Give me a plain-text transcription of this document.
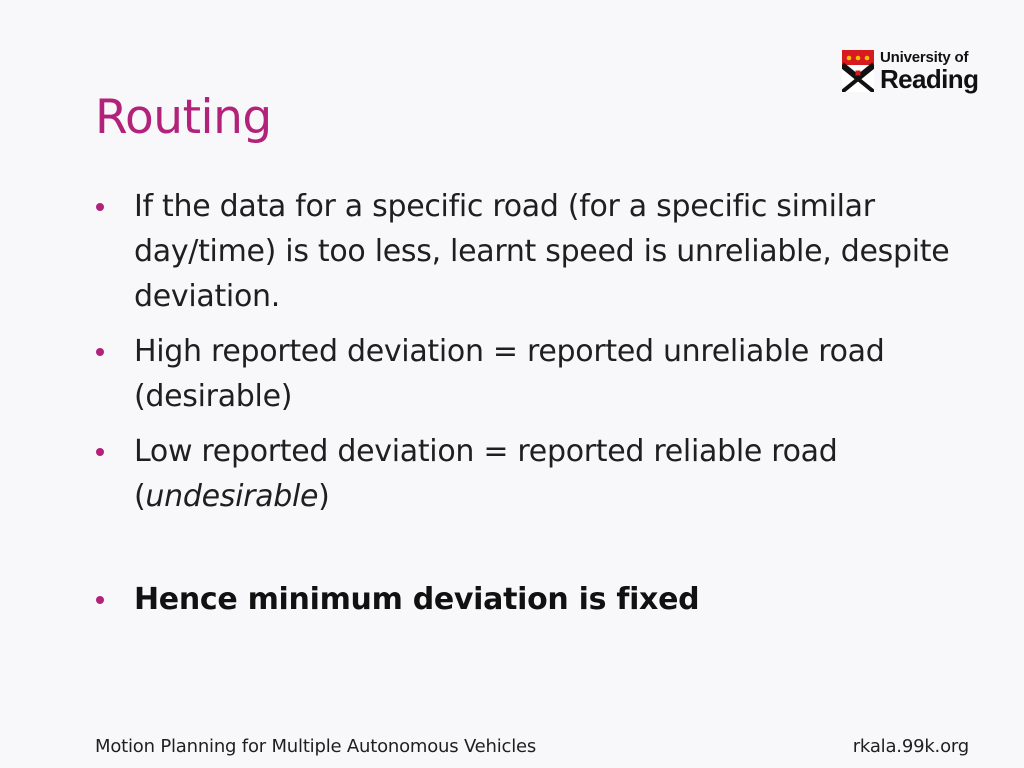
University of
Reading
Routing
If the data for a specific road (for a specific similar day/time) is too less, learnt speed is unreliable, despite deviation.
High reported deviation = reported unreliable road (desirable)
Low reported deviation = reported reliable road (undesirable)
Hence minimum deviation is fixed
Motion Planning for Multiple Autonomous Vehicles	rkala.99k.org
